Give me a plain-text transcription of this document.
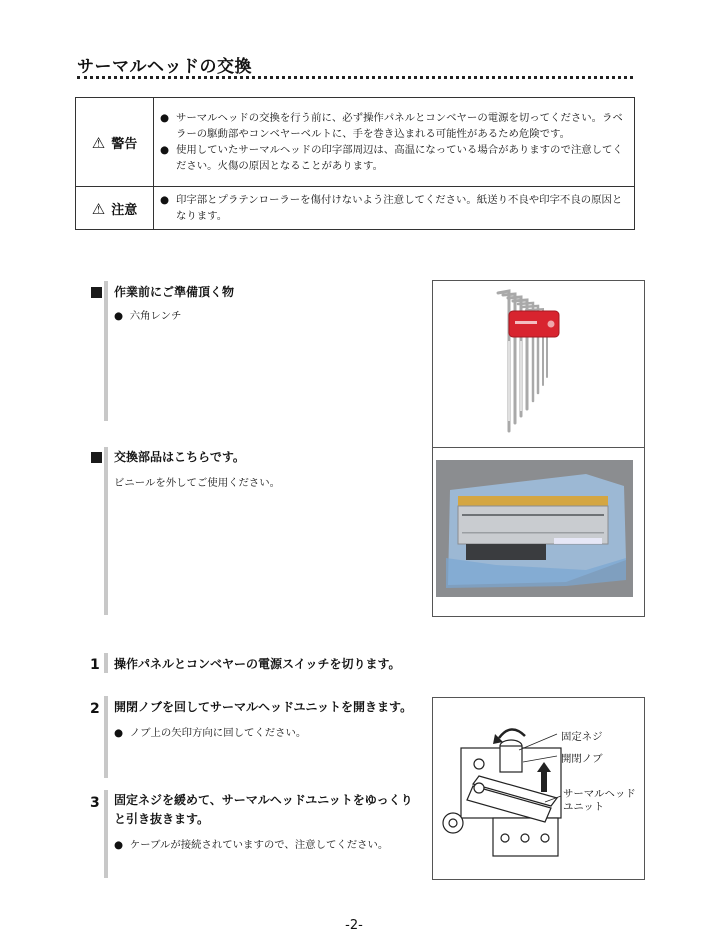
サーマルヘッドの交換
⚠ 警告	● サーマルヘッドの交換を行う前に、必ず操作パネルとコンベヤーの電源を切ってください。ラベラーの駆動部やコンベヤーベルトに、手を巻き込まれる可能性があるため危険です。
● 使用していたサーマルヘッドの印字部周辺は、高温になっている場合がありますので注意してください。火傷の原因となることがあります。

⚠ 注意	● 印字部とプラテンローラーを傷付けないよう注意してください。紙送り不良や印字不良の原因となります。
作業前にご準備頂く物
● 六角レンチ
交換部品はこちらです。
ビニールを外してご使用ください。
1 操作パネルとコンベヤーの電源スイッチを切ります。
2 開閉ノブを回してサーマルヘッドユニットを開きます。
● ノブ上の矢印方向に回してください。
3 固定ネジを緩めて、サーマルヘッドユニットをゆっくり
と引き抜きます。
● ケーブルが接続されていますので、注意してください。
固定ネジ
開閉ノブ
サーマルヘッド
ユニット
-2-
